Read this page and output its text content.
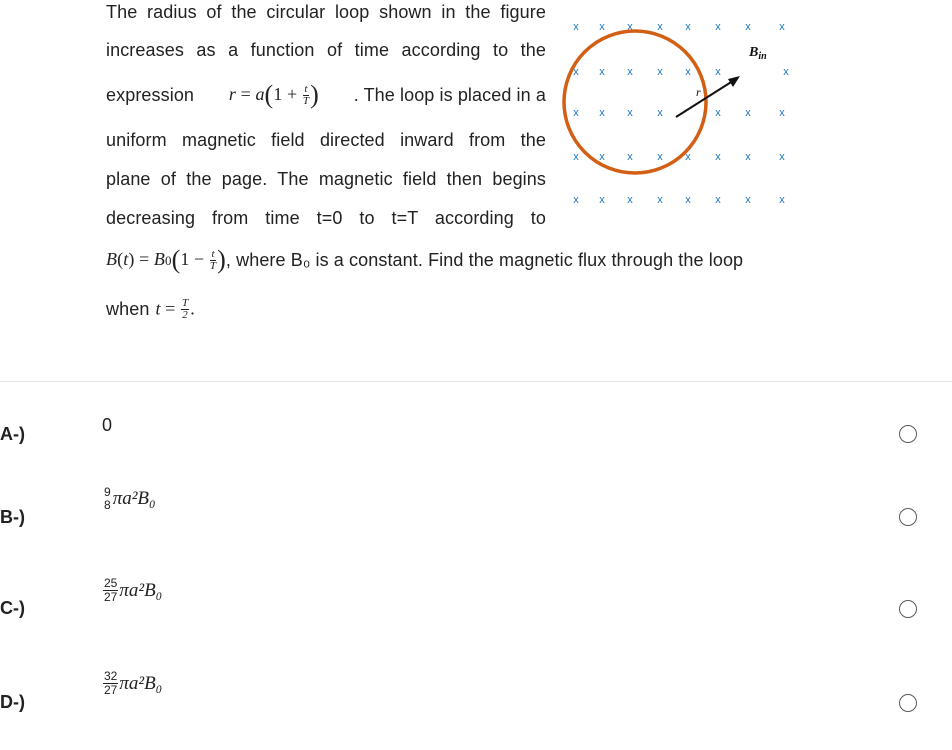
The radius of the circular loop shown in the figure
increases as a function of time according to the
expression $r = a(1 + \frac{t}{T}$ ) . The loop is placed in a
uniform magnetic field directed inward from the
plane of the page. The magnetic field then begins
decreasing from time t=0 to t=T according to
$B(t) = B0(1 - \frac{t}{T}$ ) , where B₀ is a constant. Find the magnetic flux through the loop
when $t = \frac{T}{2}$ .
x x x x x x x	x
x x x x x x	x
x x x x	x x	x
x x x x x x x	x
x x x x x x x	x
r
$B_{in}$
A-)	0
B-)
9
8 πa²B₀
C-)
$\frac{25}{27} \pi a^2B_0$
D-)
$\frac{32}{27} \pi a^2B_0$
